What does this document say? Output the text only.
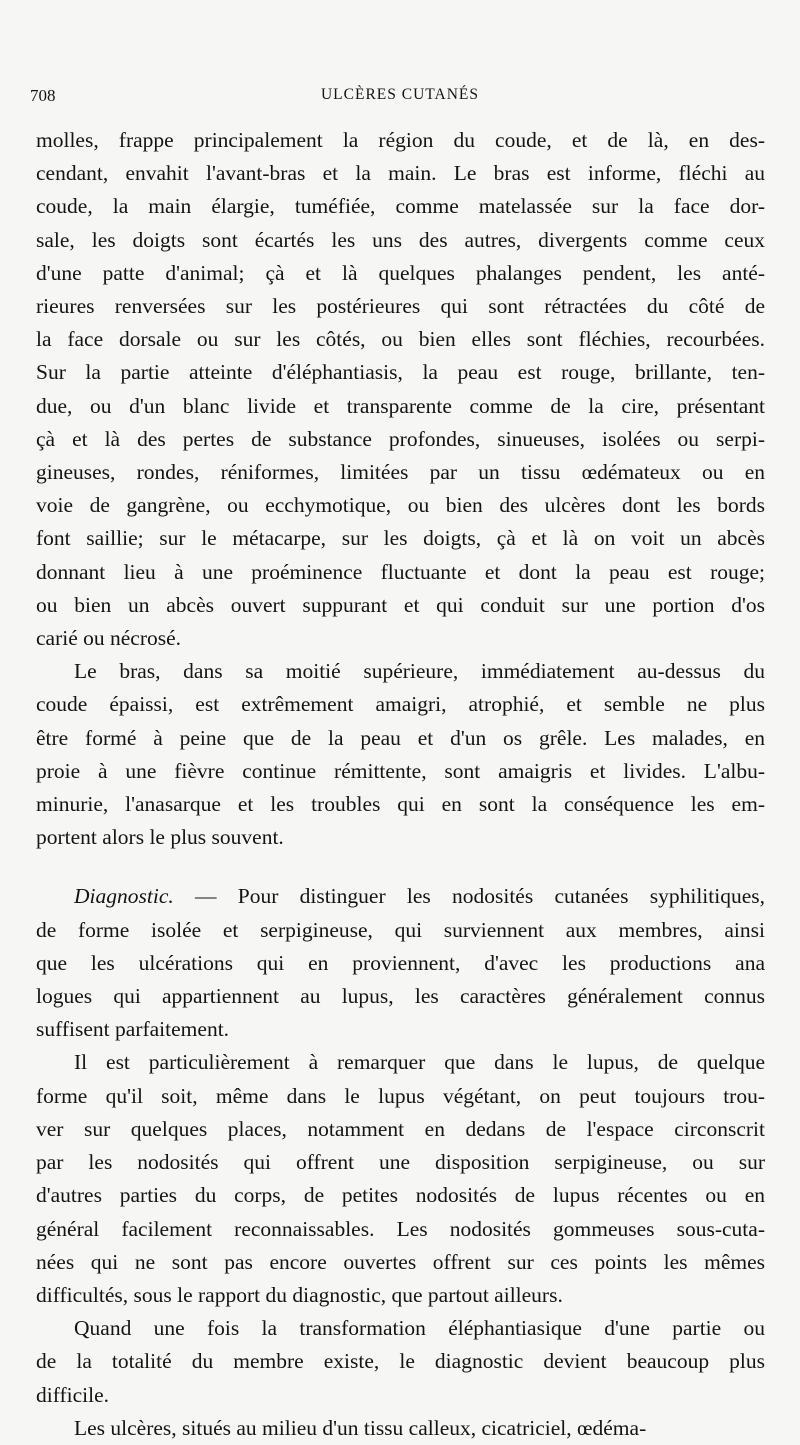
708	ULCÈRES CUTANÉS
molles, frappe principalement la région du coude, et de là, en des-
cendant, envahit l'avant-bras et la main. Le bras est informe, fléchi au
coude, la main élargie, tuméfiée, comme matelassée sur la face dor-
sale, les doigts sont écartés les uns des autres, divergents comme ceux
d'une patte d'animal; çà et là quelques phalanges pendent, les anté-
rieures renversées sur les postérieures qui sont rétractées du côté de
la face dorsale ou sur les côtés, ou bien elles sont fléchies, recourbées.
Sur la partie atteinte d'éléphantiasis, la peau est rouge, brillante, ten-
due, ou d'un blanc livide et transparente comme de la cire, présentant
çà et là des pertes de substance profondes, sinueuses, isolées ou serpi-
gineuses, rondes, réniformes, limitées par un tissu œdémateux ou en
voie de gangrène, ou ecchymotique, ou bien des ulcères dont les bords
font saillie; sur le métacarpe, sur les doigts, çà et là on voit un abcès
donnant lieu à une proéminence fluctuante et dont la peau est rouge;
ou bien un abcès ouvert suppurant et qui conduit sur une portion d'os
carié ou nécrosé.
Le bras, dans sa moitié supérieure, immédiatement au-dessus du
coude épaissi, est extrêmement amaigri, atrophié, et semble ne plus
être formé à peine que de la peau et d'un os grêle. Les malades, en
proie à une fièvre continue rémittente, sont amaigris et livides. L'albu-
minurie, l'anasarque et les troubles qui en sont la conséquence les em-
portent alors le plus souvent.
Diagnostic. — Pour distinguer les nodosités cutanées syphilitiques,
de forme isolée et serpigineuse, qui surviennent aux membres, ainsi
que les ulcérations qui en proviennent, d'avec les productions ana
logues qui appartiennent au lupus, les caractères généralement connus
suffisent parfaitement.
Il est particulièrement à remarquer que dans le lupus, de quelque
forme qu'il soit, même dans le lupus végétant, on peut toujours trou-
ver sur quelques places, notamment en dedans de l'espace circonscrit
par les nodosités qui offrent une disposition serpigineuse, ou sur
d'autres parties du corps, de petites nodosités de lupus récentes ou en
général facilement reconnaissables. Les nodosités gommeuses sous-cuta-
nées qui ne sont pas encore ouvertes offrent sur ces points les mêmes
difficultés, sous le rapport du diagnostic, que partout ailleurs.
Quand une fois la transformation éléphantiasique d'une partie ou
de la totalité du membre existe, le diagnostic devient beaucoup plus
difficile.
Les ulcères, situés au milieu d'un tissu calleux, cicatriciel, œdéma-
